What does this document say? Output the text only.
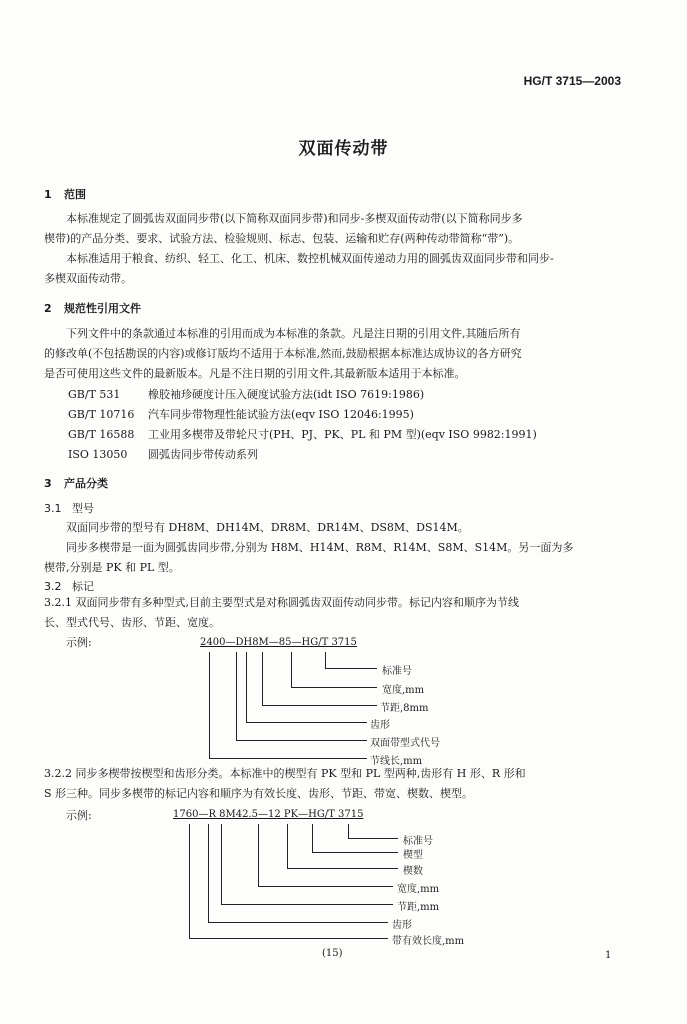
HG/T 3715—2003
双面传动带
1 范围
本标准规定了圆弧齿双面同步带(以下简称双面同步带)和同步-多楔双面传动带(以下简称同步多
楔带)的产品分类、要求、试验方法、检验规则、标志、包装、运输和贮存(两种传动带简称“带”)。
本标准适用于粮食、纺织、轻工、化工、机床、数控机械双面传递动力用的圆弧齿双面同步带和同步-
多楔双面传动带。
2 规范性引用文件
下列文件中的条款通过本标准的引用而成为本标准的条款。凡是注日期的引用文件,其随后所有
的修改单(不包括勘误的内容)或修订版均不适用于本标准,然而,鼓励根据本标准达成协议的各方研究
是否可使用这些文件的最新版本。凡是不注日期的引用文件,其最新版本适用于本标准。
GB/T 531	橡胶袖珍硬度计压入硬度试验方法(idt ISO 7619:1986)
GB/T 10716 汽车同步带物理性能试验方法(eqv ISO 12046:1995)
GB/T 16588 工业用多楔带及带轮尺寸(PH、PJ、PK、PL 和 PM 型)(eqv ISO 9982:1991)
ISO 13050 圆弧齿同步带传动系列
3 产品分类
3.1 型号
双面同步带的型号有 DH8M、DH14M、DR8M、DR14M、DS8M、DS14M。
同步多楔带是一面为圆弧齿同步带,分别为 H8M、H14M、R8M、R14M、S8M、S14M。另一面为多
楔带,分别是 PK 和 PL 型。
3.2 标记
3.2.1 双面同步带有多种型式,目前主要型式是对称圆弧齿双面传动同步带。标记内容和顺序为节线
长、型式代号、齿形、节距、宽度。
示例:	2400—DH8M—85—HG/T 3715
标准号
宽度,mm
节距,8mm
齿形
双面带型式代号
节线长,mm
3.2.2 同步多楔带按楔型和齿形分类。本标准中的楔型有 PK 型和 PL 型两种,齿形有 H 形、R 形和
S 形三种。同步多楔带的标记内容和顺序为有效长度、齿形、节距、带宽、楔数、楔型。
示例:	1760—R 8M42.5—12 PK—HG/T 3715
标准号
楔型
楔数
宽度,mm
节距,mm
齿形
带有效长度,mm
(15)	1
